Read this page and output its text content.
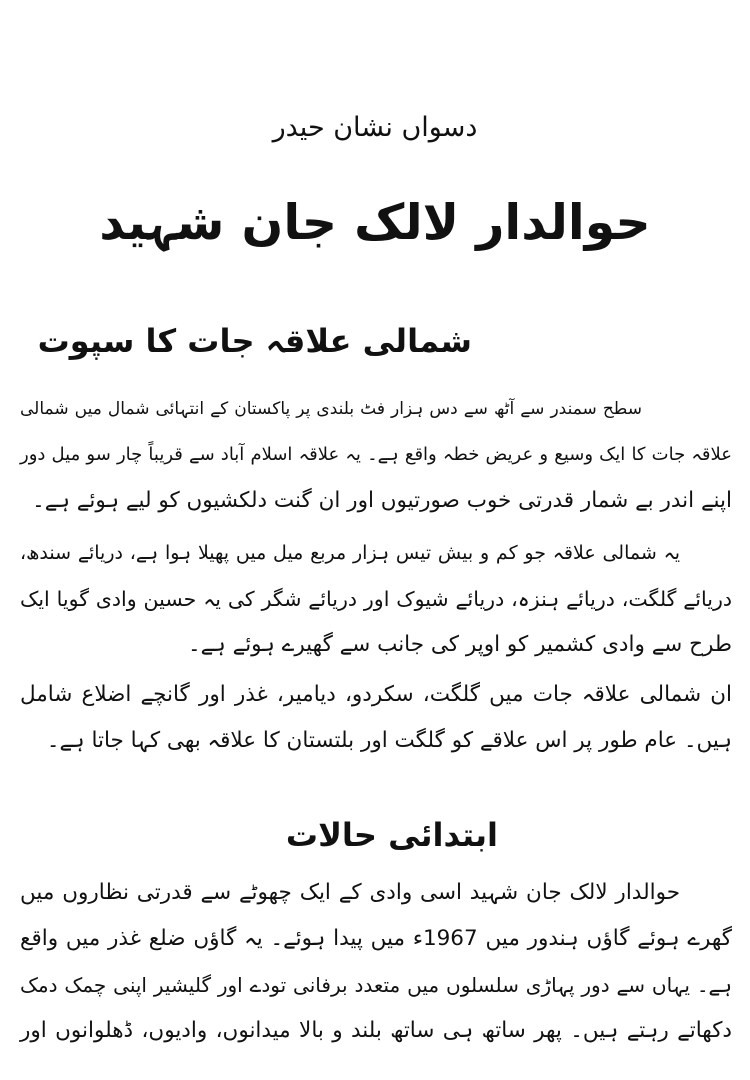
دسواں نشان حیدر
حوالدار لالک جان شہید
شمالی علاقہ جات کا سپوت
سطح سمندر سے آٹھ سے دس ہزار فٹ بلندی پر پاکستان کے انتہائی شمال میں شمالی
علاقہ جات کا ایک وسیع و عریض خطہ واقع ہے۔ یہ علاقہ اسلام آباد سے قریباً چار سو میل دور
اپنے اندر بے شمار قدرتی خوب صورتیوں اور ان گنت دلکشیوں کو لیے ہوئے ہے۔
یہ شمالی علاقہ جو کم و بیش تیس ہزار مربع میل میں پھیلا ہوا ہے، دریائے سندھ،
دریائے گلگت، دریائے ہنزہ، دریائے شیوک اور دریائے شگر کی یہ حسین وادی گویا ایک
طرح سے وادی کشمیر کو اوپر کی جانب سے گھیرے ہوئے ہے۔
ان شمالی علاقہ جات میں گلگت، سکردو، دیامیر، غذر اور گانچے اضلاع شامل
ہیں۔ عام طور پر اس علاقے کو گلگت اور بلتستان کا علاقہ بھی کہا جاتا ہے۔
ابتدائی حالات
حوالدار لالک جان شہید اسی وادی کے ایک چھوٹے سے قدرتی نظاروں میں
گھرے ہوئے گاؤں ہندور میں 1967ء میں پیدا ہوئے۔ یہ گاؤں ضلع غذر میں واقع
ہے۔ یہاں سے دور پہاڑی سلسلوں میں متعدد برفانی تودے اور گلیشیر اپنی چمک دمک
دکھاتے رہتے ہیں۔ پھر ساتھ ہی ساتھ بلند و بالا میدانوں، وادیوں، ڈھلوانوں اور
